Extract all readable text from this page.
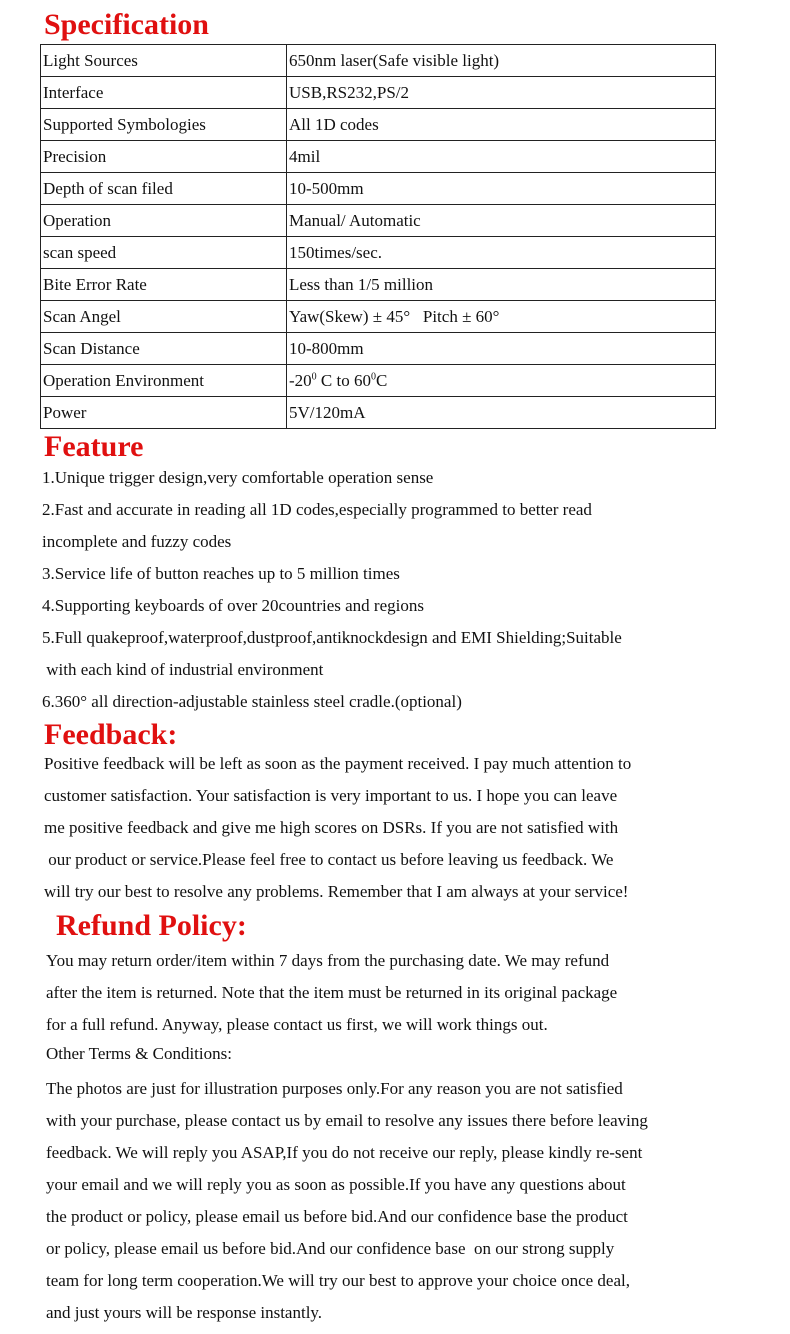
Specification
Light Sources	650nm laser(Safe visible light)
Interface	USB,RS232,PS/2
Supported Symbologies	All 1D codes
Precision	4mil
Depth of scan filed	10-500mm
Operation	Manual/ Automatic
scan speed	150times/sec.
Bite Error Rate	Less than 1/5 million
Scan Angel	Yaw(Skew) ± 45°   Pitch ± 60°
Scan Distance	10-800mm
Operation Environment	$-20^0$ C to $60^0C$
Power	5V/120mA
Feature

1.Unique trigger design,very comfortable operation sense

2.Fast and accurate in reading all 1D codes,especially programmed to better read

incomplete and fuzzy codes

3.Service life of button reaches up to 5 million times

4.Supporting keyboards of over 20countries and regions

5.Full quakeproof,waterproof,dustproof,antiknockdesign and EMI Shielding;Suitable

with each kind of industrial environment

6.360° all direction-adjustable stainless steel cradle.(optional)

Feedback:
Positive feedback will be left as soon as the payment received. I pay much attention to
customer satisfaction. Your satisfaction is very important to us. I hope you can leave
me positive feedback and give me high scores on DSRs. If you are not satisfied with
our product or service.Please feel free to contact us before leaving us feedback. We
will try our best to resolve any problems. Remember that I am always at your service!
Refund Policy:
You may return order/item within 7 days from the purchasing date. We may refund
after the item is returned. Note that the item must be returned in its original package
for a full refund. Anyway, please contact us first, we will work things out.
Other Terms & Conditions:
The photos are just for illustration purposes only.For any reason you are not satisfied
with your purchase, please contact us by email to resolve any issues there before leaving
feedback. We will reply you ASAP,If you do not receive our reply, please kindly re-sent
your email and we will reply you as soon as possible.If you have any questions about
the product or policy, please email us before bid.And our confidence base the product
or policy, please email us before bid.And our confidence base  on our strong supply
team for long term cooperation.We will try our best to approve your choice once deal,
and just yours will be response instantly.
